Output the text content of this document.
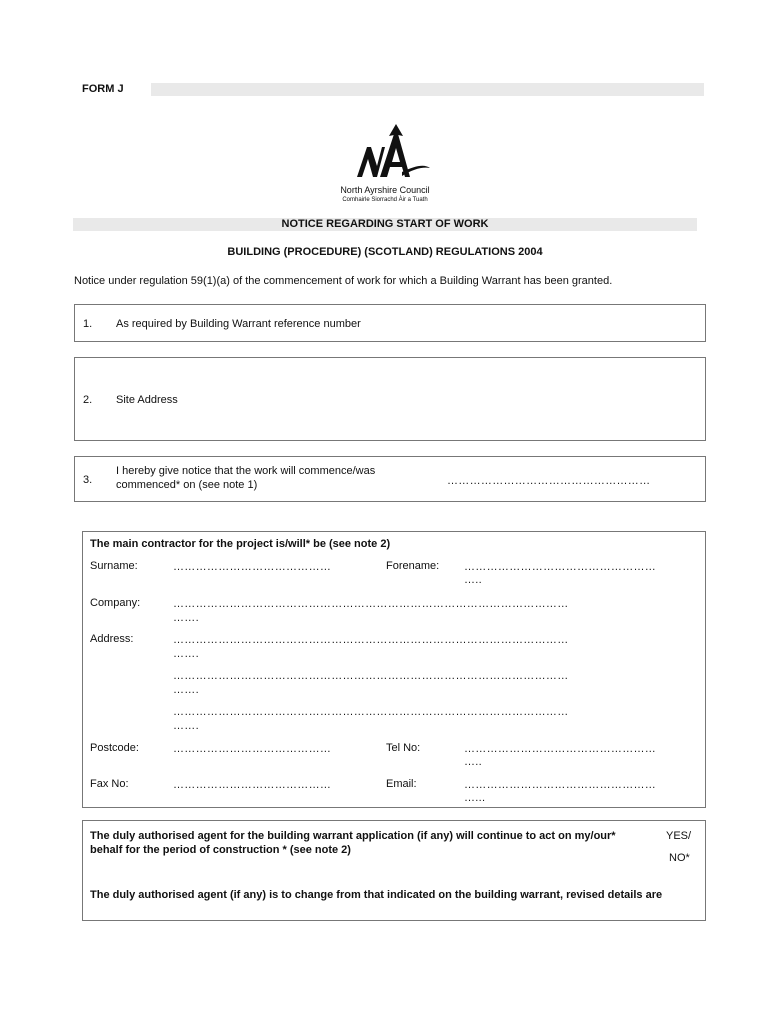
FORM J
North Ayrshire Council
Comhairle Siorrachd Àir a Tuath
NOTICE REGARDING START OF WORK
BUILDING (PROCEDURE) (SCOTLAND) REGULATIONS 2004
Notice under regulation 59(1)(a) of the commencement of work for which a Building Warrant has been granted.
1. As required by Building Warrant reference number
2. Site Address
3.
I hereby give notice that the work will commence/was commenced* on (see note 1)	………………………………………………
The main contractor for the project is/will* be (see note 2)
Surname:	……………………………………	Forename: ……………………………………………
…..
Company:	……………………………………………………………………………………………
…….
Address:	……………………………………………………………………………………………
…….
……………………………………………………………………………………………
…….
……………………………………………………………………………………………
…….
Postcode:	……………………………………	Tel No:	……………………………………………
…..
Fax No:	……………………………………	Email:	……………………………………………
…...
The duly authorised agent for the building warrant application (if any) will continue to act on my/our* behalf for the period of construction * (see note 2)
YES/
NO*
The duly authorised agent (if any) is to change from that indicated on the building warrant, revised details are
